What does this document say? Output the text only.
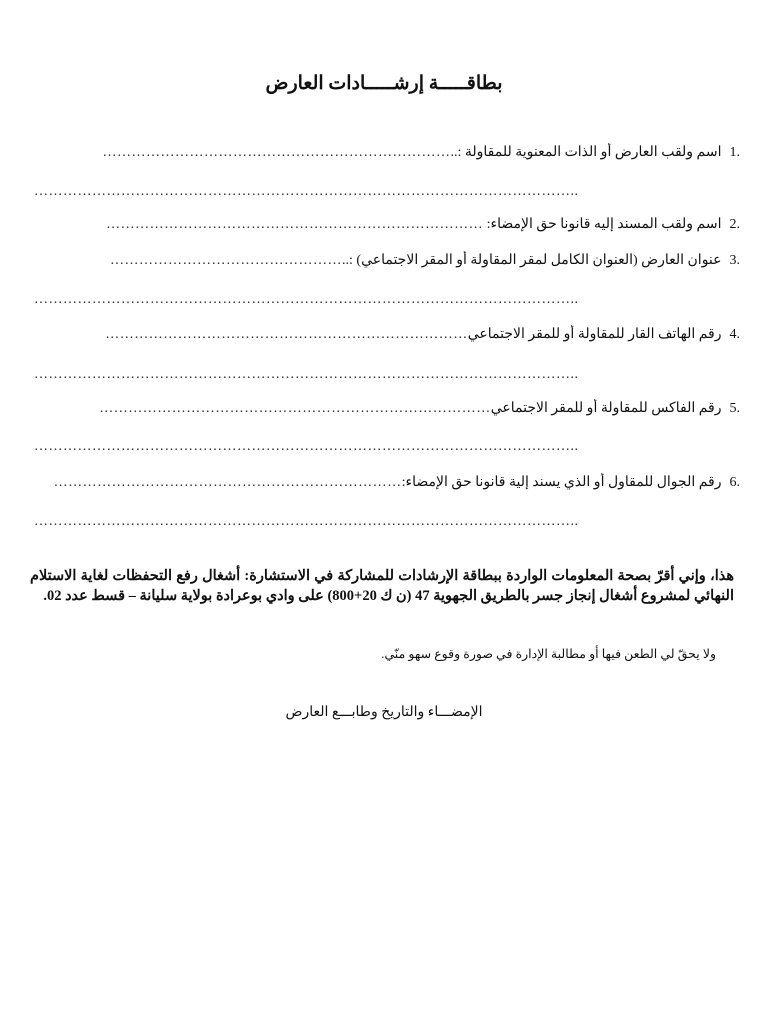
بطاقـــــة إرشـــــادات العارض
.1اسم ولقب العارض أو الذات المعنوية للمقاولة :..………………………………………………………………
…………………………………………………………………………………………………..
.2اسم ولقب المسند إليه قانونا حق الإمضاء: ……………………………………………………………………
.3عنوان العارض (العنوان الكامل لمقر المقاولة أو المقر الاجتماعي) :..…………………………………………
…………………………………………………………………………………………………..
.4رقم الهاتف القار للمقاولة أو للمقر الاجتماعي…………………………………………………………………
…………………………………………………………………………………………………..
.5رقم الفاكس للمقاولة أو للمقر الاجتماعي………………………………………………………………………
…………………………………………………………………………………………………..
.6رقم الجوال للمقاول أو الذي يسند إلية قانونا حق الإمضاء:………………………………………………………………
…………………………………………………………………………………………………..
هذا، وإني أقرّ بصحة المعلومات الواردة ببطاقة الإرشادات للمشاركة في الاستشارة: أشغال رفع التحفظات لغاية الاستلام النهائي لمشروع أشغال إنجاز جسر بالطريق الجهوية 47 (ن ك 20+800) على وادي بوعرادة بولاية سليانة – قسط عدد 02.
ولا يحقّ لي الطعن فيها أو مطالبة الإدارة في صورة وقوع سهو منّي.
الإمضـــاء والتاريخ وطابـــع العارض
